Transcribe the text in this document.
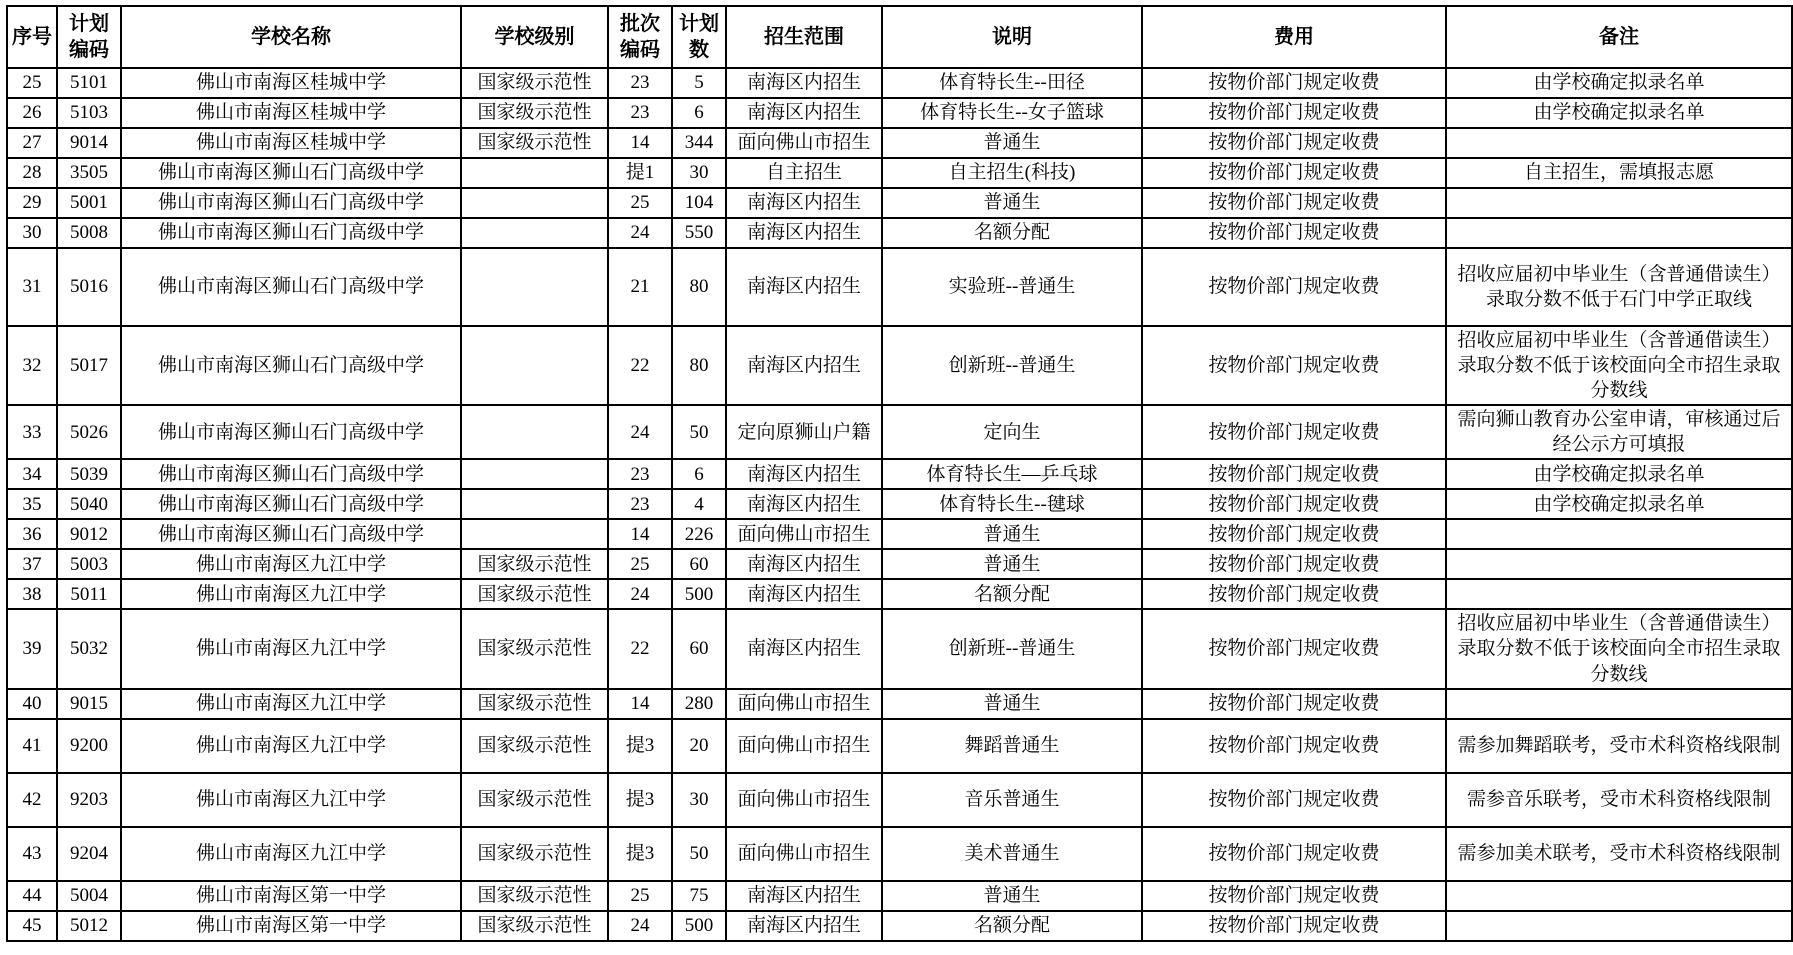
序号	计划编码	学校名称	学校级别	批次编码	计划数	招生范围	说明	费用	备注
25	5101	佛山市南海区桂城中学	国家级示范性	23	5	南海区内招生	体育特长生--田径	按物价部门规定收费	由学校确定拟录名单
26	5103	佛山市南海区桂城中学	国家级示范性	23	6	南海区内招生	体育特长生--女子篮球	按物价部门规定收费	由学校确定拟录名单
27	9014	佛山市南海区桂城中学	国家级示范性	14	344	面向佛山市招生	普通生	按物价部门规定收费	
28	3505	佛山市南海区狮山石门高级中学		提1	30	自主招生	自主招生(科技)	按物价部门规定收费	自主招生，需填报志愿
29	5001	佛山市南海区狮山石门高级中学		25	104	南海区内招生	普通生	按物价部门规定收费	
30	5008	佛山市南海区狮山石门高级中学		24	550	南海区内招生	名额分配	按物价部门规定收费	
31	5016	佛山市南海区狮山石门高级中学		21	80	南海区内招生	实验班--普通生	按物价部门规定收费	招收应届初中毕业生（含普通借读生）录取分数不低于石门中学正取线
32	5017	佛山市南海区狮山石门高级中学		22	80	南海区内招生	创新班--普通生	按物价部门规定收费	招收应届初中毕业生（含普通借读生）录取分数不低于该校面向全市招生录取分数线
33	5026	佛山市南海区狮山石门高级中学		24	50	定向原狮山户籍	定向生	按物价部门规定收费	需向狮山教育办公室申请，审核通过后经公示方可填报
34	5039	佛山市南海区狮山石门高级中学		23	6	南海区内招生	体育特长生—乒乓球	按物价部门规定收费	由学校确定拟录名单
35	5040	佛山市南海区狮山石门高级中学		23	4	南海区内招生	体育特长生--毽球	按物价部门规定收费	由学校确定拟录名单
36	9012	佛山市南海区狮山石门高级中学		14	226	面向佛山市招生	普通生	按物价部门规定收费	
37	5003	佛山市南海区九江中学	国家级示范性	25	60	南海区内招生	普通生	按物价部门规定收费	
38	5011	佛山市南海区九江中学	国家级示范性	24	500	南海区内招生	名额分配	按物价部门规定收费	
39	5032	佛山市南海区九江中学	国家级示范性	22	60	南海区内招生	创新班--普通生	按物价部门规定收费	招收应届初中毕业生（含普通借读生）录取分数不低于该校面向全市招生录取分数线
40	9015	佛山市南海区九江中学	国家级示范性	14	280	面向佛山市招生	普通生	按物价部门规定收费	
41	9200	佛山市南海区九江中学	国家级示范性	提3	20	面向佛山市招生	舞蹈普通生	按物价部门规定收费	需参加舞蹈联考，受市术科资格线限制
42	9203	佛山市南海区九江中学	国家级示范性	提3	30	面向佛山市招生	音乐普通生	按物价部门规定收费	需参音乐联考，受市术科资格线限制
43	9204	佛山市南海区九江中学	国家级示范性	提3	50	面向佛山市招生	美术普通生	按物价部门规定收费	需参加美术联考，受市术科资格线限制
44	5004	佛山市南海区第一中学	国家级示范性	25	75	南海区内招生	普通生	按物价部门规定收费	
45	5012	佛山市南海区第一中学	国家级示范性	24	500	南海区内招生	名额分配	按物价部门规定收费	
